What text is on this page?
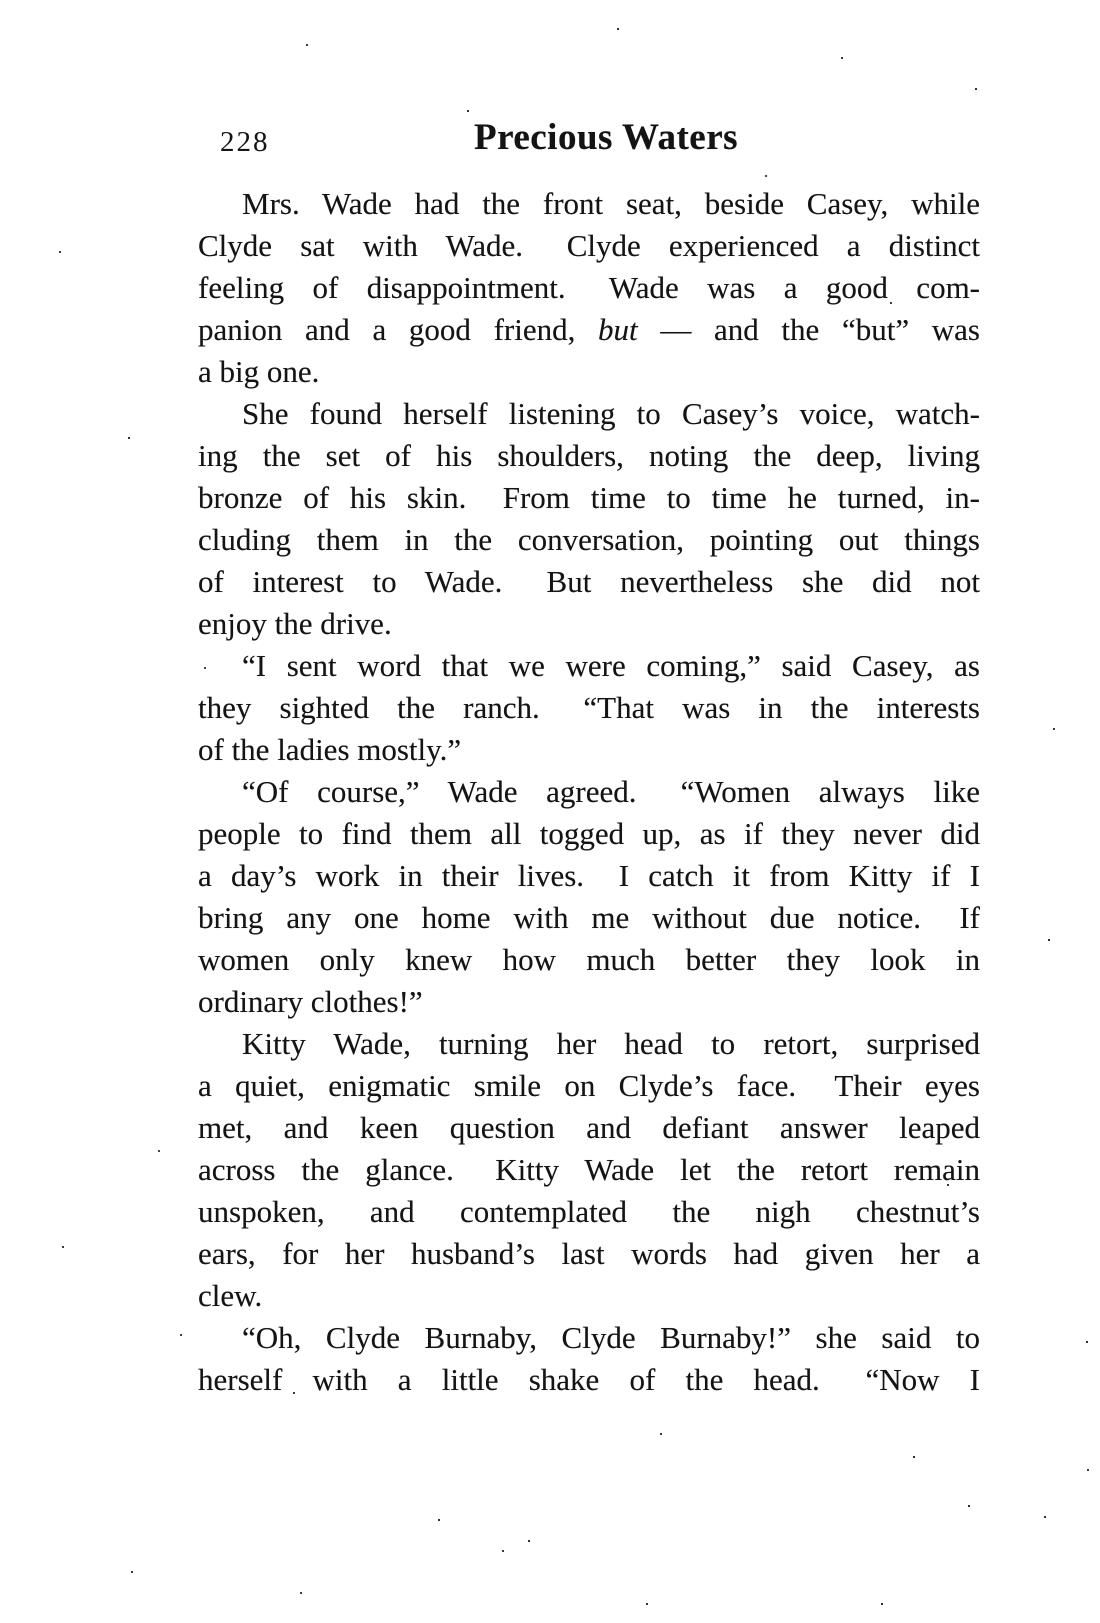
228	Precious Waters
Mrs. Wade had the front seat, beside Casey, while
Clyde sat with Wade.  Clyde experienced a distinct
feeling of disappointment.  Wade was a good com-
panion and a good friend, but — and the “but” was
a big one.
She found herself listening to Casey’s voice, watch-
ing the set of his shoulders, noting the deep, living
bronze of his skin.  From time to time he turned, in-
cluding them in the conversation, pointing out things
of interest to Wade.  But nevertheless she did not
enjoy the drive.
“I sent word that we were coming,” said Casey, as
they sighted the ranch.  “That was in the interests
of the ladies mostly.”
“Of course,” Wade agreed.  “Women always like
people to find them all togged up, as if they never did
a day’s work in their lives.  I catch it from Kitty if I
bring any one home with me without due notice.  If
women only knew how much better they look in
ordinary clothes!”
Kitty Wade, turning her head to retort, surprised
a quiet, enigmatic smile on Clyde’s face.  Their eyes
met, and keen question and defiant answer leaped
across the glance.  Kitty Wade let the retort remain
unspoken, and contemplated the nigh chestnut’s
ears, for her husband’s last words had given her a
clew.
“Oh, Clyde Burnaby, Clyde Burnaby!” she said to
herself with a little shake of the head.  “Now I
